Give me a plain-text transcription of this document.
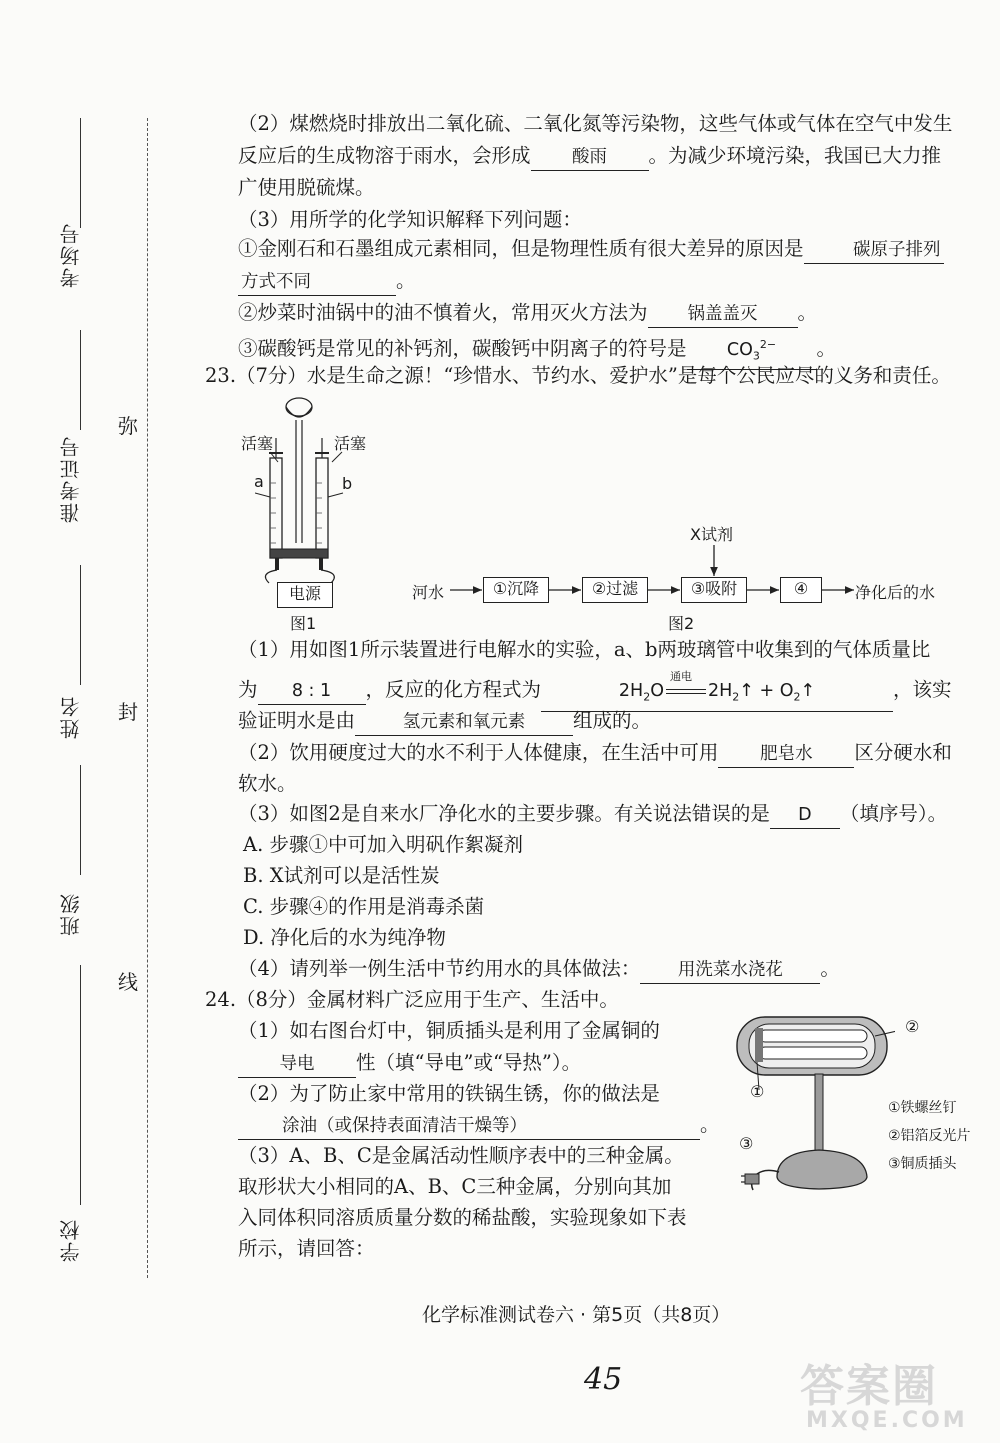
考场号
准考证号
姓名
班级
学校
弥
封
线
（2）煤燃烧时排放出二氧化硫、二氧化氮等污染物，这些气体或气体在空气中发生
反应后的生成物溶于雨水，会形成 酸雨 。为减少环境污染，我国已大力推
广使用脱硫煤。
（3）用所学的化学知识解释下列问题：
①金刚石和石墨组成元素相同，但是物理性质有很大差异的原因是	碳原子排列
方式不同	。
②炒菜时油锅中的油不慎着火，常用灭火方法为 锅盖盖灭 。
③碳酸钙是常见的补钙剂，碳酸钙中阴离子的符号是 $CO_3^{2-}$ 。
23.（7分）水是生命之源！“珍惜水、节约水、爱护水”是每个公民应尽的义务和责任。
活塞	活塞
a	b
电源
图1
X试剂
河水	①沉降	②过滤	③吸附	④	净化后的水
图2
（1）用如图1所示装置进行电解水的实验，a、b两玻璃管中收集到的气体质量比
为 8 : 1 ，反应的化方程式为	$2H_2O$
通电
$2H_2↑$ + $O_2↑$	，该实
验证明水是由	氢元素和氧元素 组成的。
（2）饮用硬度过大的水不利于人体健康，在生活中可用 肥皂水 区分硬水和
软水。
（3）如图2是自来水厂净化水的主要步骤。有关说法错误的是 D （填序号）。
A. 步骤①中可加入明矾作絮凝剂
B. X试剂可以是活性炭
C. 步骤④的作用是消毒杀菌
D. 净化后的水为纯净物
（4）请列举一例生活中节约用水的具体做法： 用洗菜水浇花 。
24.（8分）金属材料广泛应用于生产、生活中。
（1）如右图台灯中，铜质插头是利用了金属铜的
导电 性（填“导电”或“导热”）。
（2）为了防止家中常用的铁锅生锈，你的做法是
涂油（或保持表面清洁干燥等）	。
（3）A、B、C是金属活动性顺序表中的三种金属。
取形状大小相同的A、B、C三种金属，分别向其加
入同体积同溶质质量分数的稀盐酸，实验现象如下表
所示，请回答：
②
①
③
①铁螺丝钉
②铝箔反光片
③铜质插头
化学标准测试卷六 · 第5页（共8页）
45	答案圈
MXQE.COM
